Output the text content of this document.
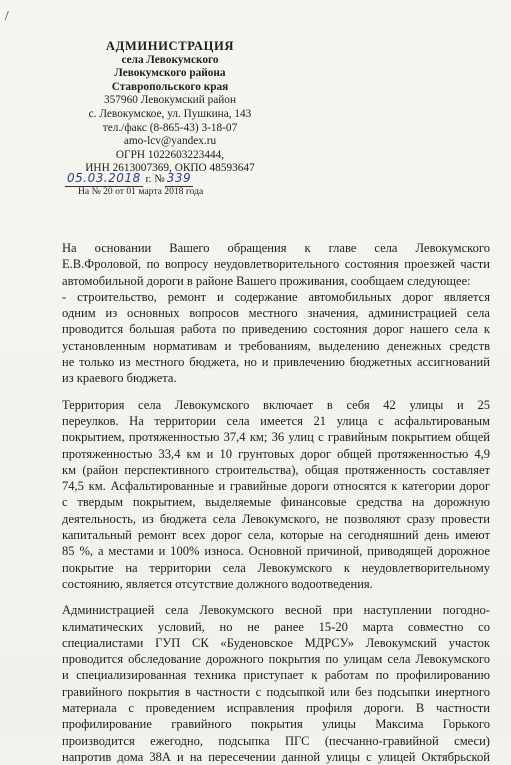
АДМИНИСТРАЦИЯ
села Левокумского
Левокумского района
Ставропольского края
357960 Левокумский район
с. Левокумское, ул. Пушкина, 143
тел./факс (8-865-43) 3-18-07
amo-lcv@yandex.ru
ОГРН 1022603223444,
ИНН 2613007369, ОКПО 48593647
05.03.2018 г. № 339
На № 20 от 01 марта 2018 года

На основании Вашего обращения к главе села Левокумского
Е.В.Фроловой, по вопросу неудовлетворительного состояния проезжей части
автомобильной дороги в районе Вашего проживания, сообщаем следующее:

- строительство, ремонт и содержание автомобильных дорог является
одним из основных вопросов местного значения, администрацией села
проводится большая работа по приведению состояния дорог нашего села к
установленным нормативам и требованиям, выделению денежных средств
не только из местного бюджета, но и привлечению бюджетных ассигнований
из краевого бюджета.

Территория села Левокумского включает в себя 42 улицы и 25
переулков. На территории села имеется 21 улица с асфальтированым
покрытием, протяженностью 37,4 км; 36 улиц с гравийным покрытием общей
протяженностью 33,4 км и 10 грунтовых дорог общей протяженностью 4,9
км (район перспективного строительства), общая протяженность составляет
74,5 км. Асфальтированные и гравийные дороги относятся к категории дорог
с твердым покрытием, выделяемые финансовые средства на дорожную
деятельность, из бюджета села Левокумского, не позволяют сразу провести
капитальный ремонт всех дорог села, которые на сегодняшний день имеют
85 %, а местами и 100% износа. Основной причиной, приводящей дорожное
покрытие на территории села Левокумского к неудовлетворительному
состоянию, является отсутствие должного водоотведения.

Администрацией села Левокумского весной при наступлении погодно-
климатических условий, но не ранее 15-20 марта совместно со
специалистами ГУП СК «Буденовское МДРСУ» Левокумский участок
проводится обследование дорожного покрытия по улицам села Левокумского
и специализированная техника приступает к работам по профилированию
гравийного покрытия в частности с подсыпкой или без подсыпки инертного
материала с проведением исправления профиля дороги. В частности
профилирование гравийного покрытия улицы Максима Горького
производится ежегодно, подсыпка ПГС (песчанно-гравийной смеси)
напротив дома 38А и на пересечении данной улицы с улицей Октябрьской
